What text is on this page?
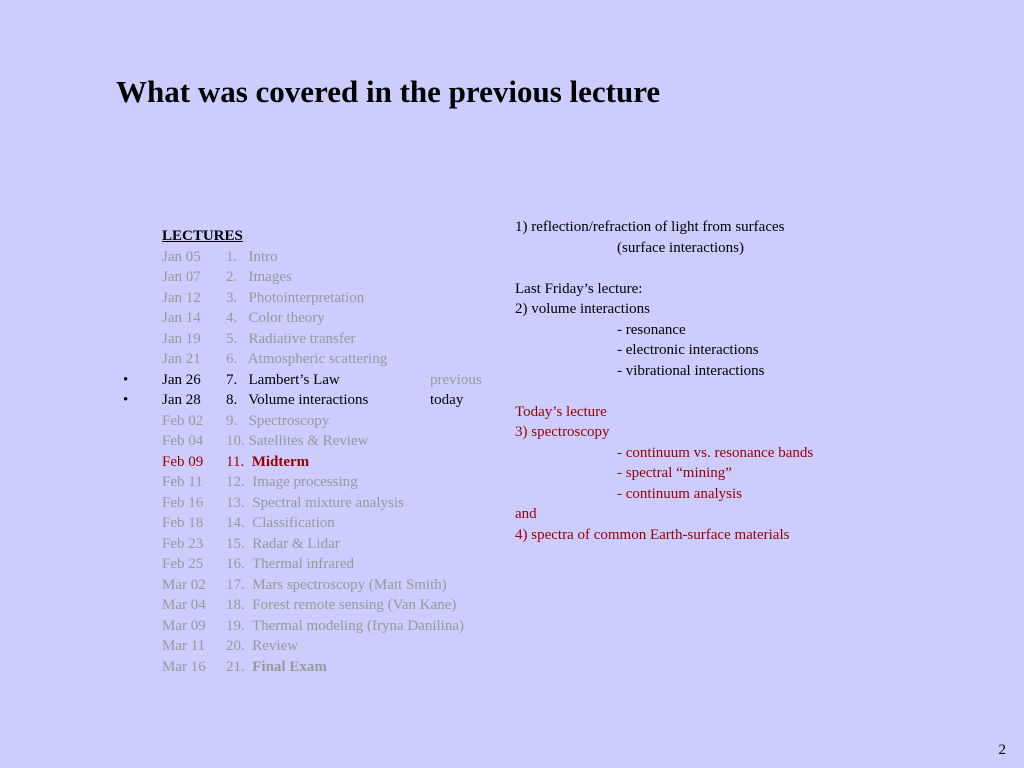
What was covered in the previous lecture
LECTURES
Jan 05 1. Intro
Jan 07 2. Images
Jan 12 3. Photointerpretation
Jan 14 4. Color theory
Jan 19 5. Radiative transfer
Jan 21 6. Atmospheric scattering
• Jan 26 7. Lambert’s Law	previous
• Jan 28 8. Volume interactions	today
Feb 02 9. Spectroscopy
Feb 04 10. Satellites & Review
Feb 09 11. Midterm
Feb 11 12. Image processing
Feb 16 13. Spectral mixture analysis
Feb 18 14. Classification
Feb 23 15. Radar & Lidar
Feb 25 16. Thermal infrared
Mar 02 17. Mars spectroscopy (Matt Smith)
Mar 04 18. Forest remote sensing (Van Kane)
Mar 09 19. Thermal modeling (Iryna Danilina)
Mar 11 20. Review
Mar 16 21. Final Exam
1) reflection/refraction of light from surfaces
(surface interactions)
Last Friday’s lecture:
2) volume interactions
- resonance
- electronic interactions
- vibrational interactions
Today’s lecture
3) spectroscopy
- continuum vs. resonance bands
- spectral “mining”
- continuum analysis
and
4) spectra of common Earth-surface materials
2
